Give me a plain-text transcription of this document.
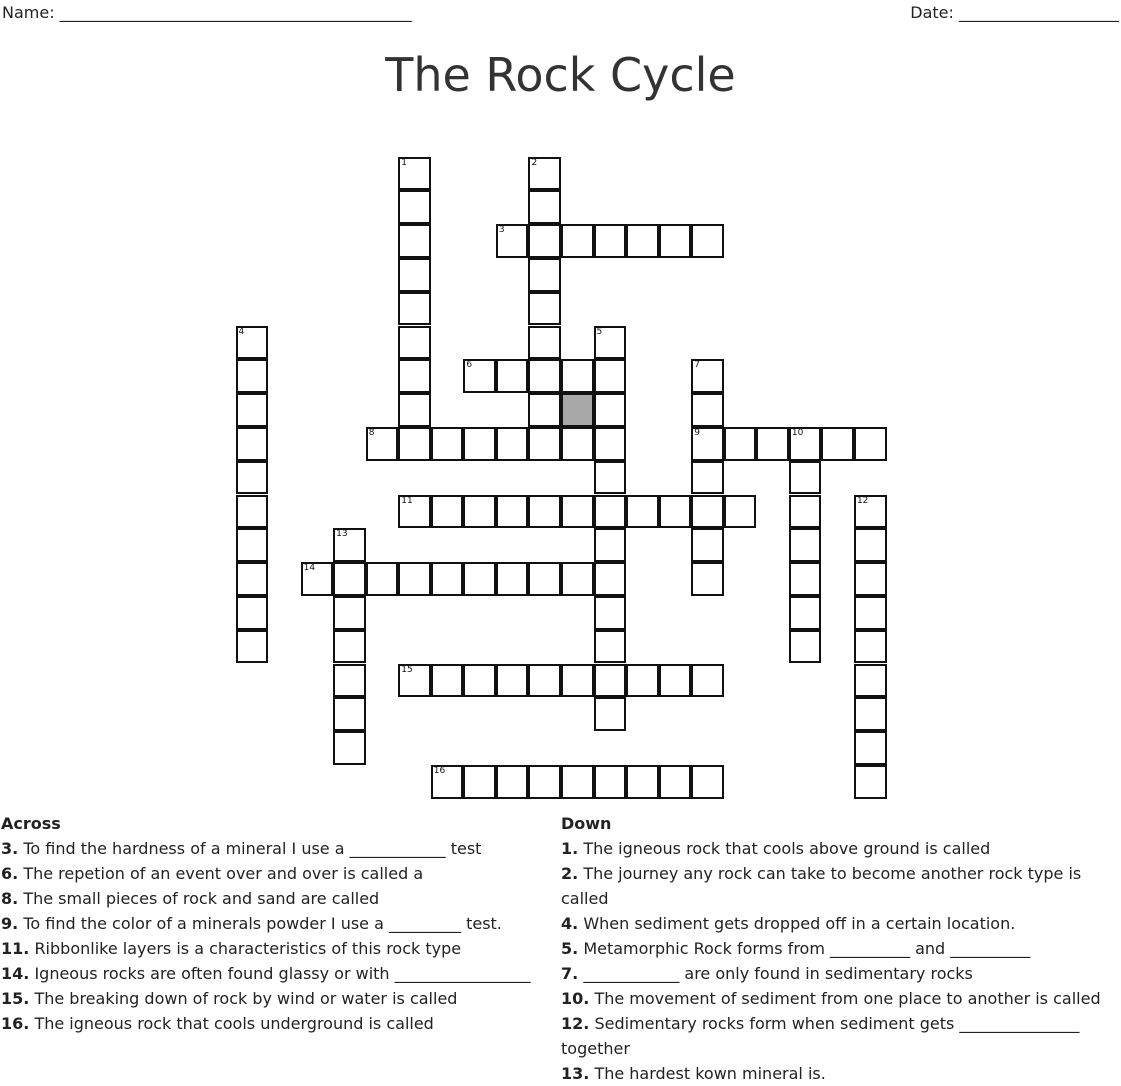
Name: ____________________________________________	Date: ____________________
The Rock Cycle
1	2
3
4	5
6	7
9
8	10
11	12
13
14
15
16
Across
3. To find the hardness of a mineral I use a ____________ test
6. The repetion of an event over and over is called a
8. The small pieces of rock and sand are called
9. To find the color of a minerals powder I use a _________ test.
11. Ribbonlike layers is a characteristics of this rock type
14. Igneous rocks are often found glassy or with _________________
15. The breaking down of rock by wind or water is called
16. The igneous rock that cools underground is called
Down
1. The igneous rock that cools above ground is called
2. The journey any rock can take to become another rock type is called
4. When sediment gets dropped off in a certain location.
5. Metamorphic Rock forms from __________ and __________
7. ____________ are only found in sedimentary rocks
10. The movement of sediment from one place to another is called
12. Sedimentary rocks form when sediment gets _______________ together
13. The hardest kown mineral is.
